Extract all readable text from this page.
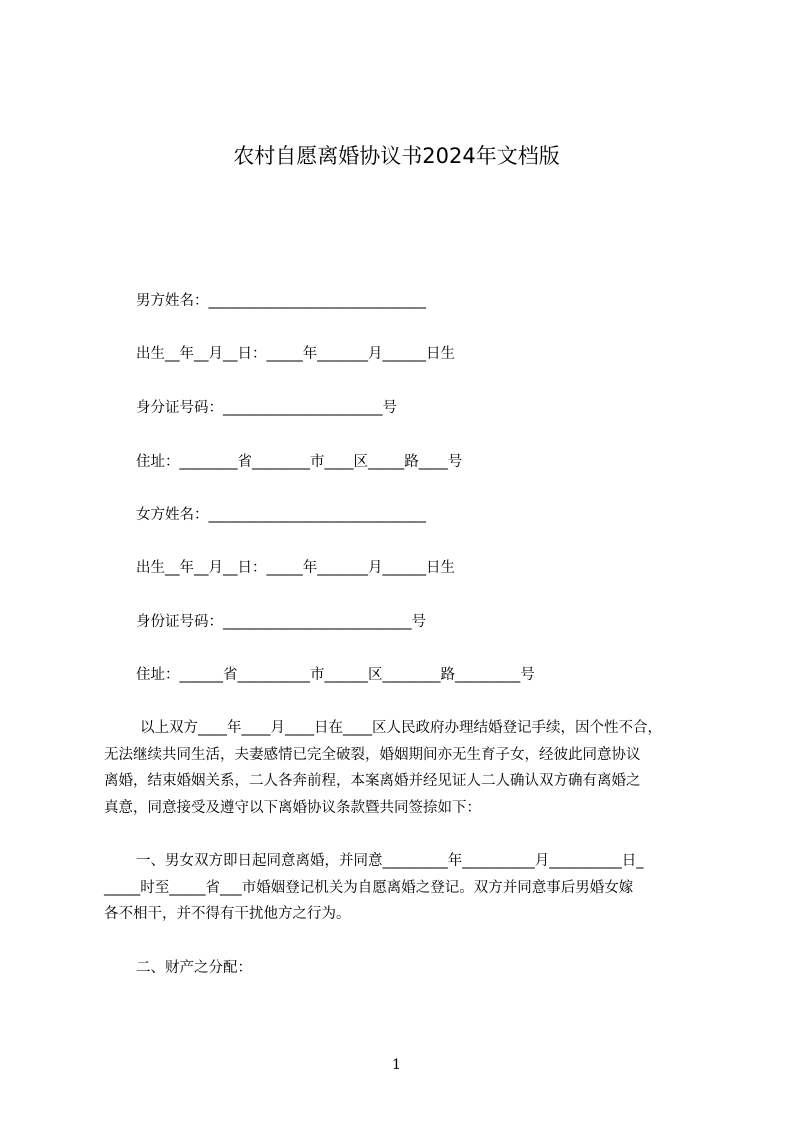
农村自愿离婚协议书2024年文档版
男方姓名：______________________________
出生__年__月__日：_____年_______月______日生
身分证号码：______________________号
住址：________省________市____区_____路____号
女方姓名：______________________________
出生__年__月__日：_____年_______月______日生
身份证号码：__________________________号
住址：______省__________市______区________路_________号
以上双方____年____月____日在____区人民政府办理结婚登记手续，因个性不合，
无法继续共同生活，夫妻感情已完全破裂，婚姻期间亦无生育子女，经彼此同意协议
离婚，结束婚姻关系，二人各奔前程，本案离婚并经见证人二人确认双方确有离婚之
真意，同意接受及遵守以下离婚协议条款暨共同签捺如下：
一、男女双方即日起同意离婚，并同意_________年__________月__________日_
_____时至_____省___市婚姻登记机关为自愿离婚之登记。双方并同意事后男婚女嫁
各不相干，并不得有干扰他方之行为。
二、财产之分配：
1
